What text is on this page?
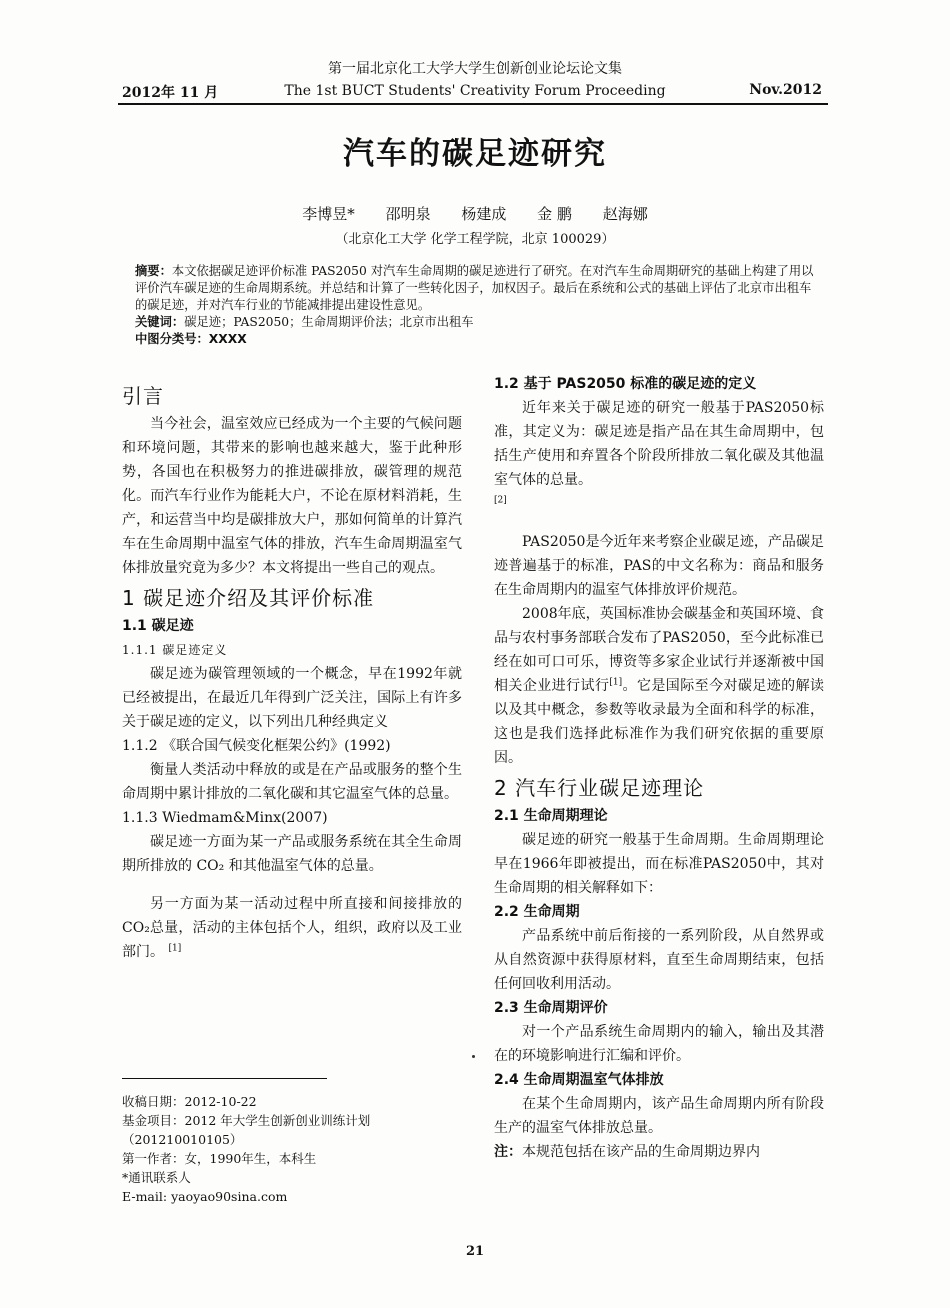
2012年 11 月
第一届北京化工大学大学生创新创业论坛论文集
The 1st BUCT Students' Creativity Forum Proceeding	Nov.2012
汽车的碳足迹研究
李博昱* 邵明泉 杨建成 金 鹏 赵海娜
（北京化工大学 化学工程学院，北京 100029）
摘要：本文依据碳足迹评价标准 PAS2050 对汽车生命周期的碳足迹进行了研究。在对汽车生命周期研究的基础上构建了用以评价汽车碳足迹的生命周期系统。并总结和计算了一些转化因子，加权因子。最后在系统和公式的基础上评估了北京市出租车的碳足迹，并对汽车行业的节能减排提出建设性意见。
关键词：碳足迹；PAS2050；生命周期评价法；北京市出租车
中图分类号：XXXX
引言

当今社会，温室效应已经成为一个主要的气候问题和环境问题，其带来的影响也越来越大，鉴于此种形势，各国也在积极努力的推进碳排放，碳管理的规范化。而汽车行业作为能耗大户，不论在原材料消耗，生产，和运营当中均是碳排放大户，那如何简单的计算汽车在生命周期中温室气体的排放，汽车生命周期温室气体排放量究竟为多少？本文将提出一些自己的观点。

1 碳足迹介绍及其评价标准
1.1 碳足迹
1.1.1 碳足迹定义

碳足迹为碳管理领域的一个概念，早在1992年就已经被提出，在最近几年得到广泛关注，国际上有许多关于碳足迹的定义，以下列出几种经典定义

1.1.2 《联合国气候变化框架公约》(1992)

衡量人类活动中释放的或是在产品或服务的整个生命周期中累计排放的二氧化碳和其它温室气体的总量。

1.1.3 Wiedmam&Minx(2007)

碳足迹一方面为某一产品或服务系统在其全生命周期所排放的 CO₂ 和其他温室气体的总量。

另一方面为某一活动过程中所直接和间接排放的CO₂总量，活动的主体包括个人，组织，政府以及工业部门。 [1]

收稿日期：2012-10-22
基金项目：2012 年大学生创新创业训练计划（201210010105）
第一作者：女，1990年生，本科生
*通讯联系人
E-mail: yaoyao90sina.com
1.2 基于 PAS2050 标准的碳足迹的定义

近年来关于碳足迹的研究一般基于PAS2050标准，其定义为：碳足迹是指产品在其生命周期中，包括生产使用和弃置各个阶段所排放二氧化碳及其他温室气体的总量。
[2]

PAS2050是今近年来考察企业碳足迹，产品碳足迹普遍基于的标准，PAS的中文名称为：商品和服务在生命周期内的温室气体排放评价规范。

2008年底，英国标准协会碳基金和英国环境、食品与农村事务部联合发布了PAS2050，至今此标准已经在如可口可乐，博资等多家企业试行并逐渐被中国相关企业进行试行[1]。它是国际至今对碳足迹的解读以及其中概念，参数等收录最为全面和科学的标准，这也是我们选择此标准作为我们研究依据的重要原因。

2 汽车行业碳足迹理论
2.1 生命周期理论

碳足迹的研究一般基于生命周期。生命周期理论早在1966年即被提出，而在标准PAS2050中，其对生命周期的相关解释如下：

2.2 生命周期

产品系统中前后衔接的一系列阶段，从自然界或从自然资源中获得原材料，直至生命周期结束，包括任何回收利用活动。

2.3 生命周期评价

对一个产品系统生命周期内的输入，输出及其潜在的环境影响进行汇编和评价。

2.4 生命周期温室气体排放

在某个生命周期内，该产品生命周期内所有阶段生产的温室气体排放总量。

注：本规范包括在该产品的生命周期边界内

21
